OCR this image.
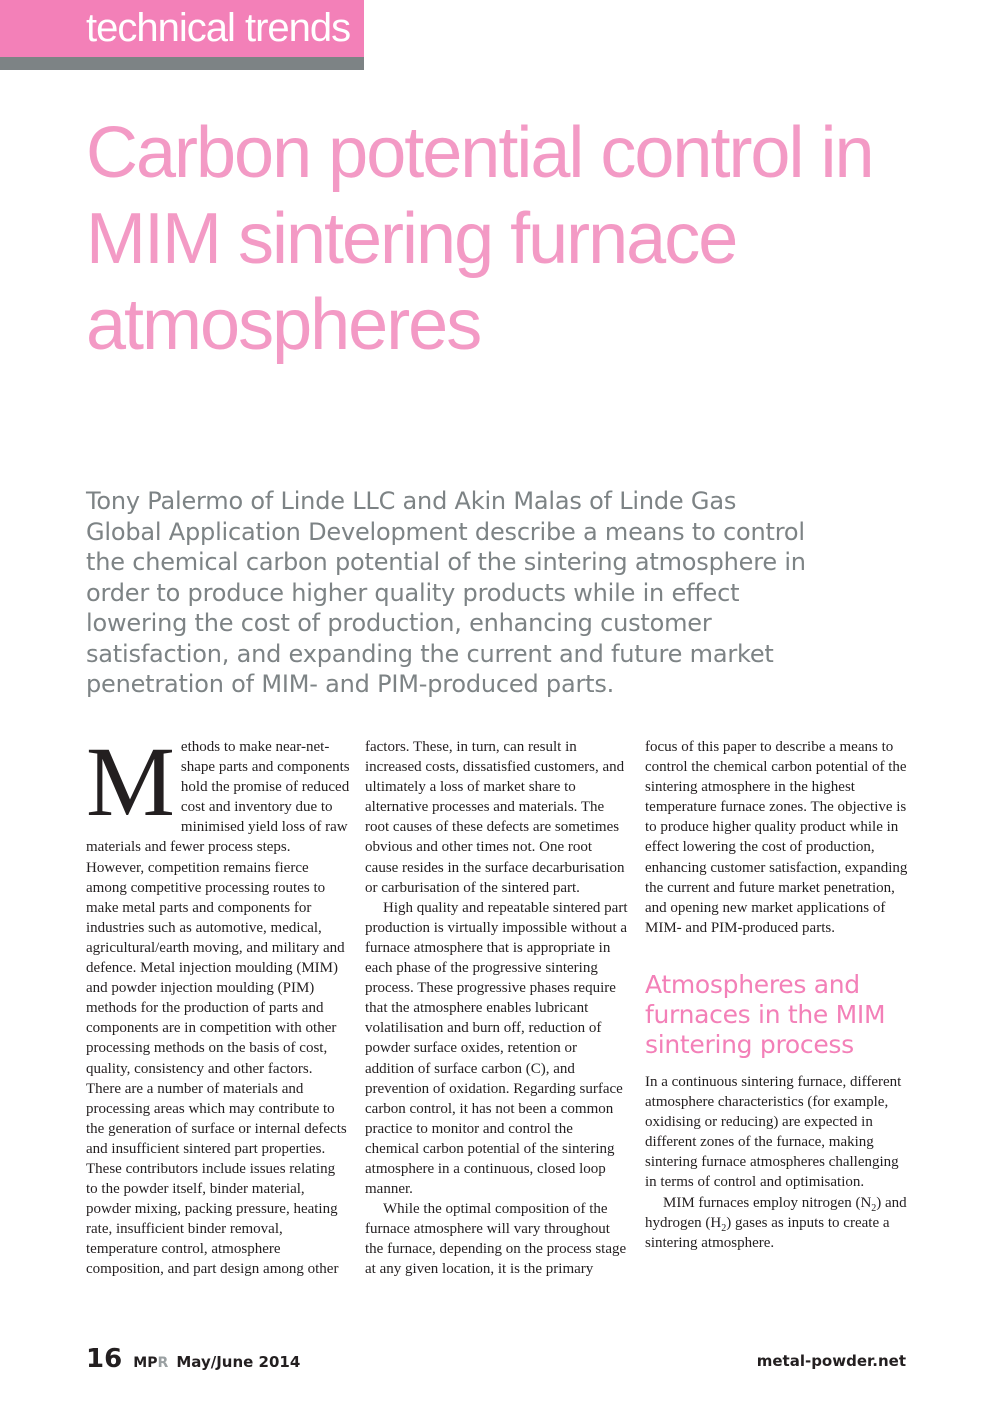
technical trends
Carbon potential control in MIM sintering furnace atmospheres

Tony Palermo of Linde LLC and Akin Malas of Linde Gas Global Application Development describe a means to control the chemical carbon potential of the sintering atmosphere in order to produce higher quality products while in effect lowering the cost of production, enhancing customer satisfaction, and expanding the current and future market penetration of MIM- and PIM-produced parts.

Methods to make near-net-shape parts and components hold the promise of reduced cost and inventory due to minimised yield loss of raw materials and fewer process steps. However, competition remains fierce among competitive processing routes to make metal parts and components for industries such as automotive, medical, agricultural/earth moving, and military and defence. Metal injection moulding (MIM) and powder injection moulding (PIM) methods for the production of parts and components are in competition with other processing methods on the basis of cost, quality, consistency and other factors. There are a number of materials and processing areas which may contribute to the generation of surface or internal defects and insufficient sintered part properties. These contributors include issues relating to the powder itself, binder material, powder mixing, packing pressure, heating rate, insufficient binder removal, temperature control, atmosphere composition, and part design among other

factors. These, in turn, can result in increased costs, dissatisfied customers, and ultimately a loss of market share to alternative processes and materials. The root causes of these defects are sometimes obvious and other times not. One root cause resides in the surface decarburisation or carburisation of the sintered part.

High quality and repeatable sintered part production is virtually impossible without a furnace atmosphere that is appropriate in each phase of the progressive sintering process. These progressive phases require that the atmosphere enables lubricant volatilisation and burn off, reduction of powder surface oxides, retention or addition of surface carbon (C), and prevention of oxidation. Regarding surface carbon control, it has not been a common practice to monitor and control the chemical carbon potential of the sintering atmosphere in a continuous, closed loop manner.

While the optimal composition of the furnace atmosphere will vary throughout the furnace, depending on the process stage at any given location, it is the primary

focus of this paper to describe a means to control the chemical carbon potential of the sintering atmosphere in the highest temperature furnace zones. The objective is to produce higher quality product while in effect lowering the cost of production, enhancing customer satisfaction, expanding the current and future market penetration, and opening new market applications of MIM- and PIM-produced parts.

Atmospheres and furnaces in the MIM sintering process

In a continuous sintering furnace, different atmosphere characteristics (for example, oxidising or reducing) are expected in different zones of the furnace, making sintering furnace atmospheres challenging in terms of control and optimisation.

MIM furnaces employ nitrogen $(N_2)$ and hydrogen $(H_2)$ gases as inputs to create a sintering atmosphere.

16 MPR May/June 2014	metal-powder.net
